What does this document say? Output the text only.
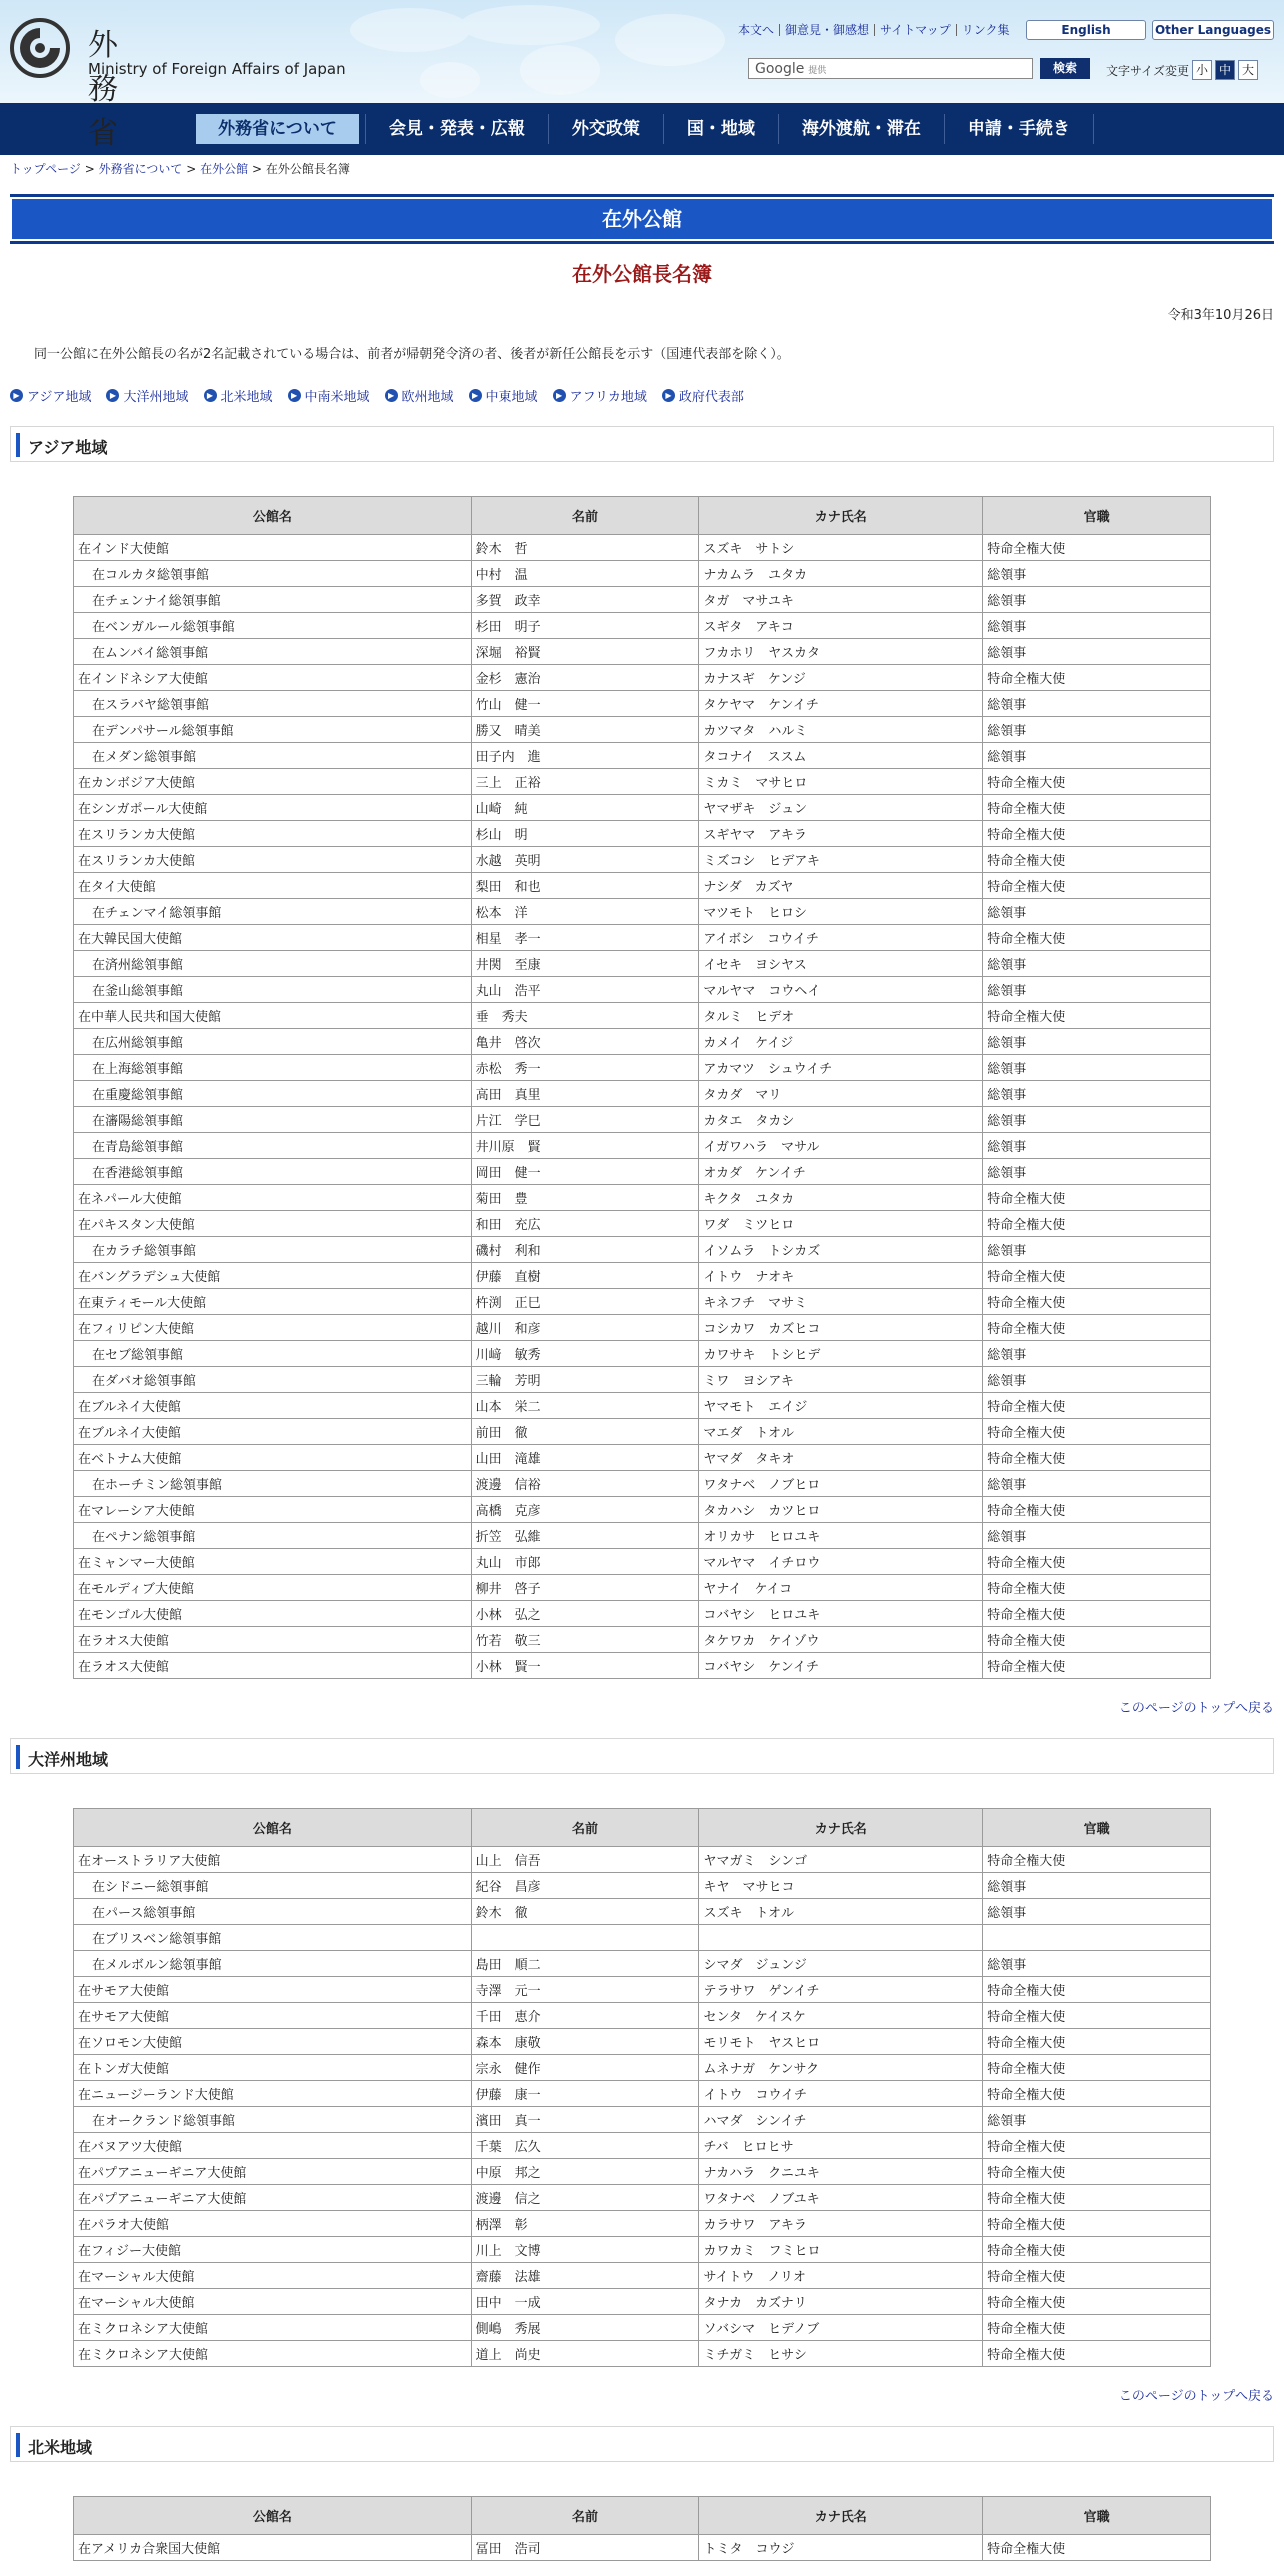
外務省
Ministry of Foreign Affairs of Japan
本文へ 御意見・御感想 サイトマップ リンク集	English	Other Languages
Google 提供	検索	文字サイズ変更 小 中 大
外務省について	会見・発表・広報	外交政策	国・地域	海外渡航・滞在	申請・手続き
トップページ > 外務省について > 在外公館 > 在外公館長名簿
在外公館
在外公館長名簿
令和3年10月26日
同一公館に在外公館長の名が2名記載されている場合は、前者が帰朝発令済の者、後者が新任公館長を示す（国連代表部を除く）。
▶ アジア地域	▶ 大洋州地域	▶ 北米地域	▶ 中南米地域	▶ 欧州地域	▶ 中東地域	▶ アフリカ地域	▶ 政府代表部
アジア地域
公館名	名前	カナ氏名	官職
在インド大使館	鈴木　哲	スズキ　サトシ	特命全権大使
在コルカタ総領事館	中村　温	ナカムラ　ユタカ	総領事
在チェンナイ総領事館	多賀　政幸	タガ　マサユキ	総領事
在ベンガルール総領事館	杉田　明子	スギタ　アキコ	総領事
在ムンバイ総領事館	深堀　裕賢	フカホリ　ヤスカタ	総領事
在インドネシア大使館	金杉　憲治	カナスギ　ケンジ	特命全権大使
在スラバヤ総領事館	竹山　健一	タケヤマ　ケンイチ	総領事
在デンパサール総領事館	勝又　晴美	カツマタ　ハルミ	総領事
在メダン総領事館	田子内　進	タコナイ　ススム	総領事
在カンボジア大使館	三上　正裕	ミカミ　マサヒロ	特命全権大使
在シンガポール大使館	山崎　純	ヤマザキ　ジュン	特命全権大使
在スリランカ大使館	杉山　明	スギヤマ　アキラ	特命全権大使
在スリランカ大使館	水越　英明	ミズコシ　ヒデアキ	特命全権大使
在タイ大使館	梨田　和也	ナシダ　カズヤ	特命全権大使
在チェンマイ総領事館	松本　洋	マツモト　ヒロシ	総領事
在大韓民国大使館	相星　孝一	アイボシ　コウイチ	特命全権大使
在済州総領事館	井関　至康	イセキ　ヨシヤス	総領事
在釜山総領事館	丸山　浩平	マルヤマ　コウヘイ	総領事
在中華人民共和国大使館	垂　秀夫	タルミ　ヒデオ	特命全権大使
在広州総領事館	亀井　啓次	カメイ　ケイジ	総領事
在上海総領事館	赤松　秀一	アカマツ　シュウイチ	総領事
在重慶総領事館	高田　真里	タカダ　マリ	総領事
在瀋陽総領事館	片江　学巳	カタエ　タカシ	総領事
在青島総領事館	井川原　賢	イガワハラ　マサル	総領事
在香港総領事館	岡田　健一	オカダ　ケンイチ	総領事
在ネパール大使館	菊田　豊	キクタ　ユタカ	特命全権大使
在パキスタン大使館	和田　充広	ワダ　ミツヒロ	特命全権大使
在カラチ総領事館	磯村　利和	イソムラ　トシカズ	総領事
在バングラデシュ大使館	伊藤　直樹	イトウ　ナオキ	特命全権大使
在東ティモール大使館	杵渕　正巳	キネフチ　マサミ	特命全権大使
在フィリピン大使館	越川　和彦	コシカワ　カズヒコ	特命全権大使
在セブ総領事館	川﨑　敏秀	カワサキ　トシヒデ	総領事
在ダバオ総領事館	三輪　芳明	ミワ　ヨシアキ	総領事
在ブルネイ大使館	山本　栄二	ヤマモト　エイジ	特命全権大使
在ブルネイ大使館	前田　徹	マエダ　トオル	特命全権大使
在ベトナム大使館	山田　滝雄	ヤマダ　タキオ	特命全権大使
在ホーチミン総領事館	渡邊　信裕	ワタナベ　ノブヒロ	総領事
在マレーシア大使館	高橋　克彦	タカハシ　カツヒロ	特命全権大使
在ペナン総領事館	折笠　弘維	オリカサ　ヒロユキ	総領事
在ミャンマー大使館	丸山　市郎	マルヤマ　イチロウ	特命全権大使
在モルディブ大使館	柳井　啓子	ヤナイ　ケイコ	特命全権大使
在モンゴル大使館	小林　弘之	コバヤシ　ヒロユキ	特命全権大使
在ラオス大使館	竹若　敬三	タケワカ　ケイゾウ	特命全権大使
在ラオス大使館	小林　賢一	コバヤシ　ケンイチ	特命全権大使
このページのトップへ戻る
大洋州地域
公館名	名前	カナ氏名	官職
在オーストラリア大使館	山上　信吾	ヤマガミ　シンゴ	特命全権大使
在シドニー総領事館	紀谷　昌彦	キヤ　マサヒコ	総領事
在パース総領事館	鈴木　徹	スズキ　トオル	総領事
在ブリスベン総領事館			
在メルボルン総領事館	島田　順二	シマダ　ジュンジ	総領事
在サモア大使館	寺澤　元一	テラサワ　ゲンイチ	特命全権大使
在サモア大使館	千田　恵介	センタ　ケイスケ	特命全権大使
在ソロモン大使館	森本　康敬	モリモト　ヤスヒロ	特命全権大使
在トンガ大使館	宗永　健作	ムネナガ　ケンサク	特命全権大使
在ニュージーランド大使館	伊藤　康一	イトウ　コウイチ	特命全権大使
在オークランド総領事館	濱田　真一	ハマダ　シンイチ	総領事
在バヌアツ大使館	千葉　広久	チバ　ヒロヒサ	特命全権大使
在パプアニューギニア大使館	中原　邦之	ナカハラ　クニユキ	特命全権大使
在パプアニューギニア大使館	渡邊　信之	ワタナベ　ノブユキ	特命全権大使
在パラオ大使館	柄澤　彰	カラサワ　アキラ	特命全権大使
在フィジー大使館	川上　文博	カワカミ　フミヒロ	特命全権大使
在マーシャル大使館	齋藤　法雄	サイトウ　ノリオ	特命全権大使
在マーシャル大使館	田中　一成	タナカ　カズナリ	特命全権大使
在ミクロネシア大使館	側嶋　秀展	ソバシマ　ヒデノブ	特命全権大使
在ミクロネシア大使館	道上　尚史	ミチガミ　ヒサシ	特命全権大使
このページのトップへ戻る
北米地域
公館名	名前	カナ氏名	官職
在アメリカ合衆国大使館	冨田　浩司	トミタ　コウジ	特命全権大使
